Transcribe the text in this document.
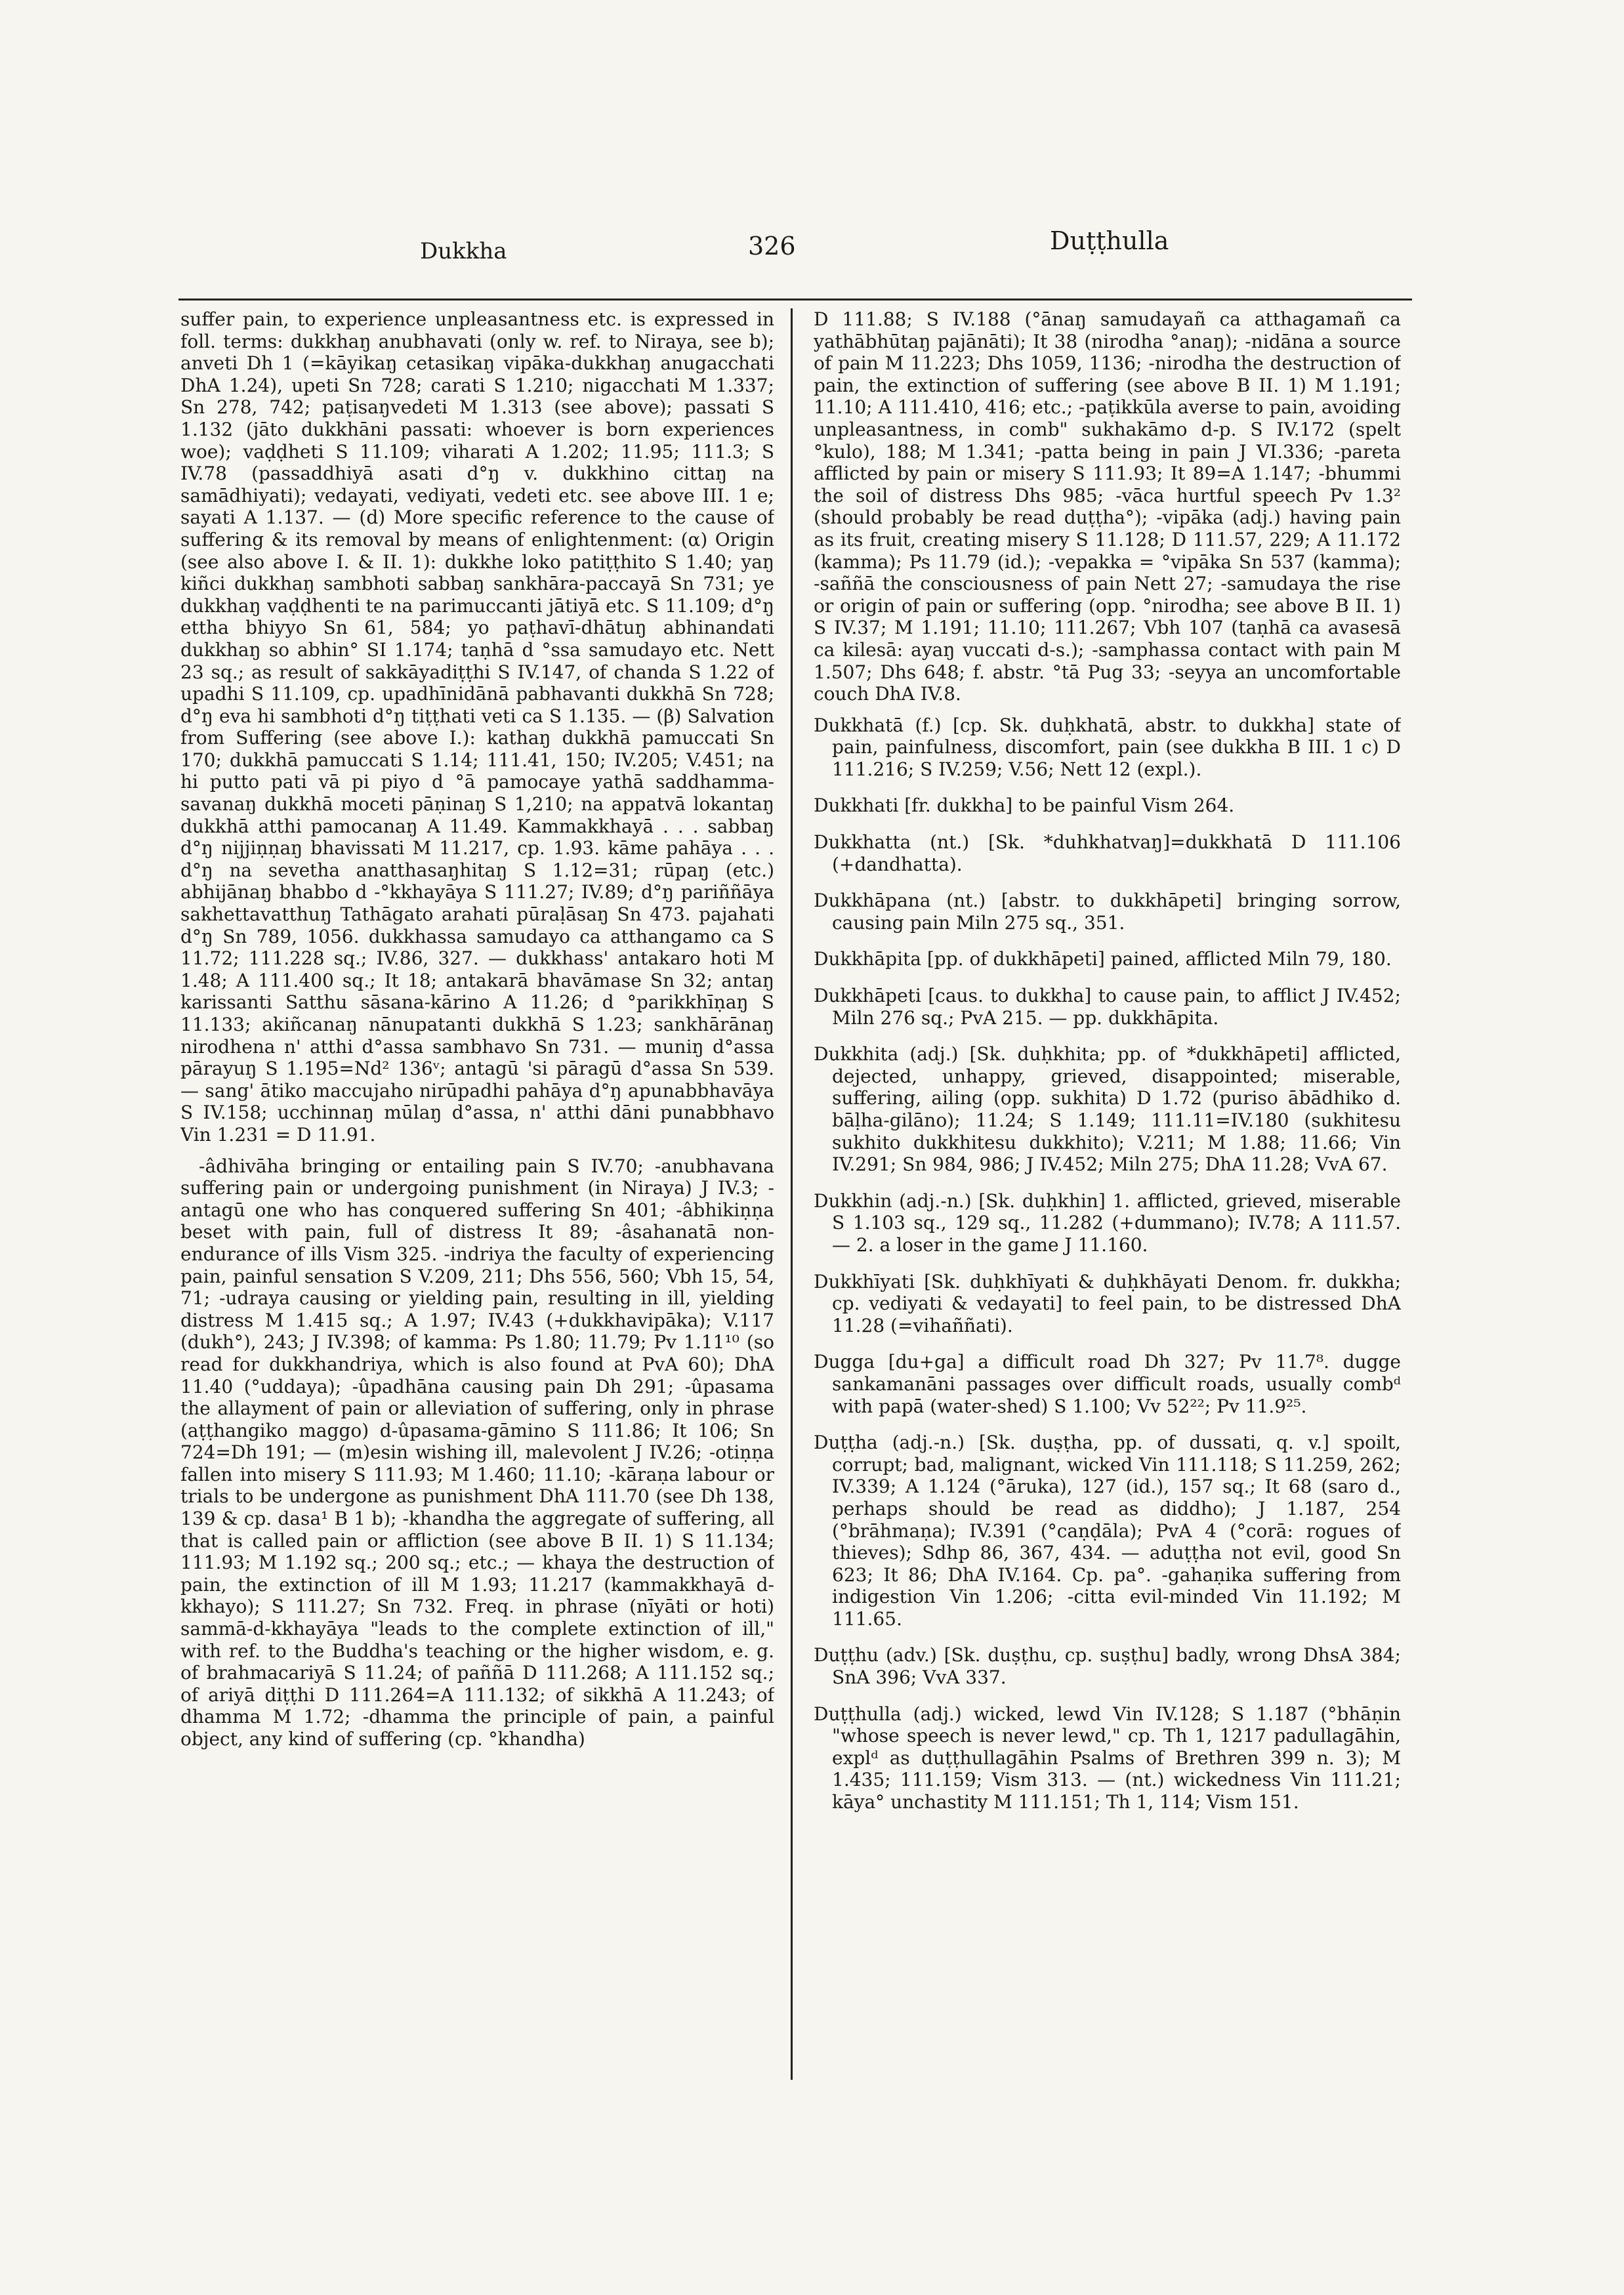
Dukkha	326	Duṭṭhulla

suffer pain, to experience unpleasantness etc. is expressed in foll. terms: dukkhaŋ anubhavati (only w. ref. to Niraya, see b); anveti Dh 1 (=kāyikaŋ cetasikaŋ vipāka-dukkhaŋ anugacchati DhA 1.24), upeti Sn 728; carati S 1.210; nigacchati M 1.337; Sn 278, 742; paṭisaŋvedeti M 1.313 (see above); passati S 1.132 (jāto dukkhāni passati: whoever is born experiences woe); vaḍḍheti S 11.109; viharati A 1.202; 11.95; 111.3; S IV.78 (passaddhiyā asati d°ŋ v. dukkhino cittaŋ na samādhiyati); vedayati, vediyati, vedeti etc. see above III. 1 e; sayati A 1.137. — (d) More specific reference to the cause of suffering & its removal by means of enlightenment: (α) Origin (see also above I. & II. 1): dukkhe loko patiṭṭhito S 1.40; yaŋ kiñci dukkhaŋ sambhoti sabbaŋ sankhāra-paccayā Sn 731; ye dukkhaŋ vaḍḍhenti te na parimuccanti jātiyā etc. S 11.109; d°ŋ ettha bhiyyo Sn 61, 584; yo paṭhavī-dhātuŋ abhinandati dukkhaŋ so abhin° SI 1.174; taṇhā d °ssa samudayo etc. Nett 23 sq.; as result of sakkāyadiṭṭhi S IV.147, of chanda S 1.22 of upadhi S 11.109, cp. upadhīnidānā pabhavanti dukkhā Sn 728; d°ŋ eva hi sambhoti d°ŋ tiṭṭhati veti ca S 1.135. — (β) Salvation from Suffering (see above I.): kathaŋ dukkhā pamuccati Sn 170; dukkhā pamuccati S 1.14; 111.41, 150; IV.205; V.451; na hi putto pati vā pi piyo d °ā pamocaye yathā saddhamma-savanaŋ dukkhā moceti pāṇinaŋ S 1,210; na appatvā lokantaŋ dukkhā atthi pamocanaŋ A 11.49. Kammakkhayā . . . sabbaŋ d°ŋ nijjiṇṇaŋ bhavissati M 11.217, cp. 1.93. kāme pahāya . . . d°ŋ na sevetha anatthasaŋhitaŋ S 1.12=31; rūpaŋ (etc.) abhijānaŋ bhabbo d -°kkhayāya S 111.27; IV.89; d°ŋ pariññāya sakhettavatthuŋ Tathāgato arahati pūraḷāsaŋ Sn 473. pajahati d°ŋ Sn 789, 1056. dukkhassa samudayo ca atthangamo ca S 11.72; 111.228 sq.; IV.86, 327. — dukkhass' antakaro hoti M 1.48; A 111.400 sq.; It 18; antakarā bhavāmase Sn 32; antaŋ karissanti Satthu sāsana-kārino A 11.26; d °parikkhīṇaŋ S 11.133; akiñcanaŋ nānupatanti dukkhā S 1.23; sankhārānaŋ nirodhena n' atthi d°assa sambhavo Sn 731. — muniŋ d°assa pārayuŋ S 1.195=Nd² 136ᵛ; antagū 'si pāragū d°assa Sn 539. — sang' ātiko maccujaho nirūpadhi pahāya d°ŋ apunabbhavāya S IV.158; ucchinnaŋ mūlaŋ d°assa, n' atthi dāni punabbhavo Vin 1.231 = D 11.91.

-âdhivāha bringing or entailing pain S IV.70; -anubhavana suffering pain or undergoing punishment (in Niraya) J IV.3; -antagū one who has conquered suffering Sn 401; -âbhikiṇṇa beset with pain, full of distress It 89; -âsahanatā non-endurance of ills Vism 325. -indriya the faculty of experiencing pain, painful sensation S V.209, 211; Dhs 556, 560; Vbh 15, 54, 71; -udraya causing or yielding pain, resulting in ill, yielding distress M 1.415 sq.; A 1.97; IV.43 (+dukkhavipāka); V.117 (dukh°), 243; J IV.398; of kamma: Ps 1.80; 11.79; Pv 1.11¹⁰ (so read for dukkhandriya, which is also found at PvA 60); DhA 11.40 (°uddaya); -ûpadhāna causing pain Dh 291; -ûpasama the allayment of pain or alleviation of suffering, only in phrase (aṭṭhangiko maggo) d-ûpasama-gāmino S 111.86; It 106; Sn 724=Dh 191; — (m)esin wishing ill, malevolent J IV.26; -otiṇṇa fallen into misery S 111.93; M 1.460; 11.10; -kāraṇa labour or trials to be undergone as punishment DhA 111.70 (see Dh 138, 139 & cp. dasa¹ B 1 b); -khandha the aggregate of suffering, all that is called pain or affliction (see above B II. 1) S 11.134; 111.93; M 1.192 sq.; 200 sq.; etc.; — khaya the destruction of pain, the extinction of ill M 1.93; 11.217 (kammakkhayā d-kkhayo); S 111.27; Sn 732. Freq. in phrase (nīyāti or hoti) sammā-d-kkhayāya "leads to the complete extinction of ill," with ref. to the Buddha's teaching or the higher wisdom, e. g. of brahmacariyā S 11.24; of paññā D 111.268; A 111.152 sq.; of ariyā diṭṭhi D 111.264=A 111.132; of sikkhā A 11.243; of dhamma M 1.72; -dhamma the principle of pain, a painful object, any kind of suffering (cp. °khandha)

D 111.88; S IV.188 (°ānaŋ samudayañ ca atthagamañ ca yathābhūtaŋ pajānāti); It 38 (nirodha °anaŋ); -nidāna a source of pain M 11.223; Dhs 1059, 1136; -nirodha the destruction of pain, the extinction of suffering (see above B II. 1) M 1.191; 11.10; A 111.410, 416; etc.; -paṭikkūla averse to pain, avoiding unpleasantness, in comb" sukhakāmo d-p. S IV.172 (spelt °kulo), 188; M 1.341; -patta being in pain J VI.336; -pareta afflicted by pain or misery S 111.93; It 89=A 1.147; -bhummi the soil of distress Dhs 985; -vāca hurtful speech Pv 1.3² (should probably be read duṭṭha°); -vipāka (adj.) having pain as its fruit, creating misery S 11.128; D 111.57, 229; A 11.172 (kamma); Ps 11.79 (id.); -vepakka = °vipāka Sn 537 (kamma); -saññā the consciousness of pain Nett 27; -samudaya the rise or origin of pain or suffering (opp. °nirodha; see above B II. 1) S IV.37; M 1.191; 11.10; 111.267; Vbh 107 (taṇhā ca avasesā ca kilesā: ayaŋ vuccati d-s.); -samphassa contact with pain M 1.507; Dhs 648; f. abstr. °tā Pug 33; -seyya an uncomfortable couch DhA IV.8.

Dukkhatā (f.) [cp. Sk. duḥkhatā, abstr. to dukkha] state of pain, painfulness, discomfort, pain (see dukkha B III. 1 c) D 111.216; S IV.259; V.56; Nett 12 (expl.).

Dukkhati [fr. dukkha] to be painful Vism 264.

Dukkhatta (nt.) [Sk. *duhkhatvaŋ]=dukkhatā D 111.106 (+dandhatta).

Dukkhāpana (nt.) [abstr. to dukkhāpeti] bringing sorrow, causing pain Miln 275 sq., 351.

Dukkhāpita [pp. of dukkhāpeti] pained, afflicted Miln 79, 180.

Dukkhāpeti [caus. to dukkha] to cause pain, to afflict J IV.452; Miln 276 sq.; PvA 215. — pp. dukkhāpita.

Dukkhita (adj.) [Sk. duḥkhita; pp. of *dukkhāpeti] afflicted, dejected, unhappy, grieved, disappointed; miserable, suffering, ailing (opp. sukhita) D 1.72 (puriso ābādhiko d. bāḷha-gilāno); 11.24; S 1.149; 111.11=IV.180 (sukhitesu sukhito dukkhitesu dukkhito); V.211; M 1.88; 11.66; Vin IV.291; Sn 984, 986; J IV.452; Miln 275; DhA 11.28; VvA 67.

Dukkhin (adj.-n.) [Sk. duḥkhin] 1. afflicted, grieved, miserable S 1.103 sq., 129 sq., 11.282 (+dummano); IV.78; A 111.57. — 2. a loser in the game J 11.160.

Dukkhīyati [Sk. duḥkhīyati & duḥkhāyati Denom. fr. dukkha; cp. vediyati & vedayati] to feel pain, to be distressed DhA 11.28 (=vihaññati).

Dugga [du+ga] a difficult road Dh 327; Pv 11.7⁸. dugge sankamanāni passages over difficult roads, usually combᵈ with papā (water-shed) S 1.100; Vv 52²²; Pv 11.9²⁵.

Duṭṭha (adj.-n.) [Sk. duṣṭha, pp. of dussati, q. v.] spoilt, corrupt; bad, malignant, wicked Vin 111.118; S 11.259, 262; IV.339; A 1.124 (°āruka), 127 (id.), 157 sq.; It 68 (saro d., perhaps should be read as diddho); J 1.187, 254 (°brāhmaṇa); IV.391 (°caṇḍāla); PvA 4 (°corā: rogues of thieves); Sdhp 86, 367, 434. — aduṭṭha not evil, good Sn 623; It 86; DhA IV.164. Cp. pa°. -gahaṇika suffering from indigestion Vin 1.206; -citta evil-minded Vin 11.192; M 111.65.

Duṭṭhu (adv.) [Sk. duṣṭhu, cp. suṣṭhu] badly, wrong DhsA 384; SnA 396; VvA 337.

Duṭṭhulla (adj.) wicked, lewd Vin IV.128; S 1.187 (°bhāṇin "whose speech is never lewd," cp. Th 1, 1217 padullagāhin, explᵈ as duṭṭhullagāhin Psalms of Brethren 399 n. 3); M 1.435; 111.159; Vism 313. — (nt.) wickedness Vin 111.21; kāya° unchastity M 111.151; Th 1, 114; Vism 151.
